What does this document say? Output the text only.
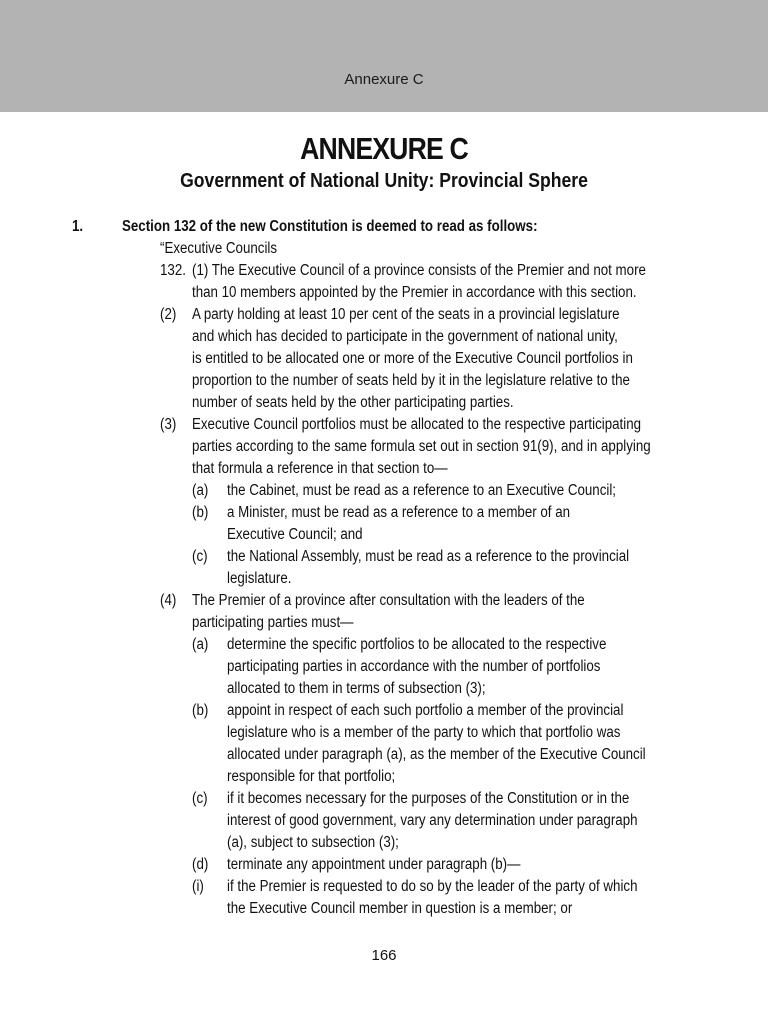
Annexure C
ANNEXURE C
Government of National Unity: Provincial Sphere
1.	Section 132 of the new Constitution is deemed to read as follows:
“Executive Councils
132. (1) The Executive Council of a province consists of the Premier and not more
than 10 members appointed by the Premier in accordance with this section.
(2) A party holding at least 10 per cent of the seats in a provincial legislature
and which has decided to participate in the government of national unity,
is entitled to be allocated one or more of the Executive Council portfolios in
proportion to the number of seats held by it in the legislature relative to the
number of seats held by the other participating parties.
(3) Executive Council portfolios must be allocated to the respective participating
parties according to the same formula set out in section 91(9), and in applying
that formula a reference in that section to—
(a) the Cabinet, must be read as a reference to an Executive Council;
(b) a Minister, must be read as a reference to a member of an
Executive Council; and
(c) the National Assembly, must be read as a reference to the provincial
legislature.
(4) The Premier of a province after consultation with the leaders of the
participating parties must—
(a) determine the specific portfolios to be allocated to the respective
participating parties in accordance with the number of portfolios
allocated to them in terms of subsection (3);
(b) appoint in respect of each such portfolio a member of the provincial
legislature who is a member of the party to which that portfolio was
allocated under paragraph (a), as the member of the Executive Council
responsible for that portfolio;
(c) if it becomes necessary for the purposes of the Constitution or in the
interest of good government, vary any determination under paragraph
(a), subject to subsection (3);
(d) terminate any appointment under paragraph (b)—
(i) if the Premier is requested to do so by the leader of the party of which
the Executive Council member in question is a member; or
166
